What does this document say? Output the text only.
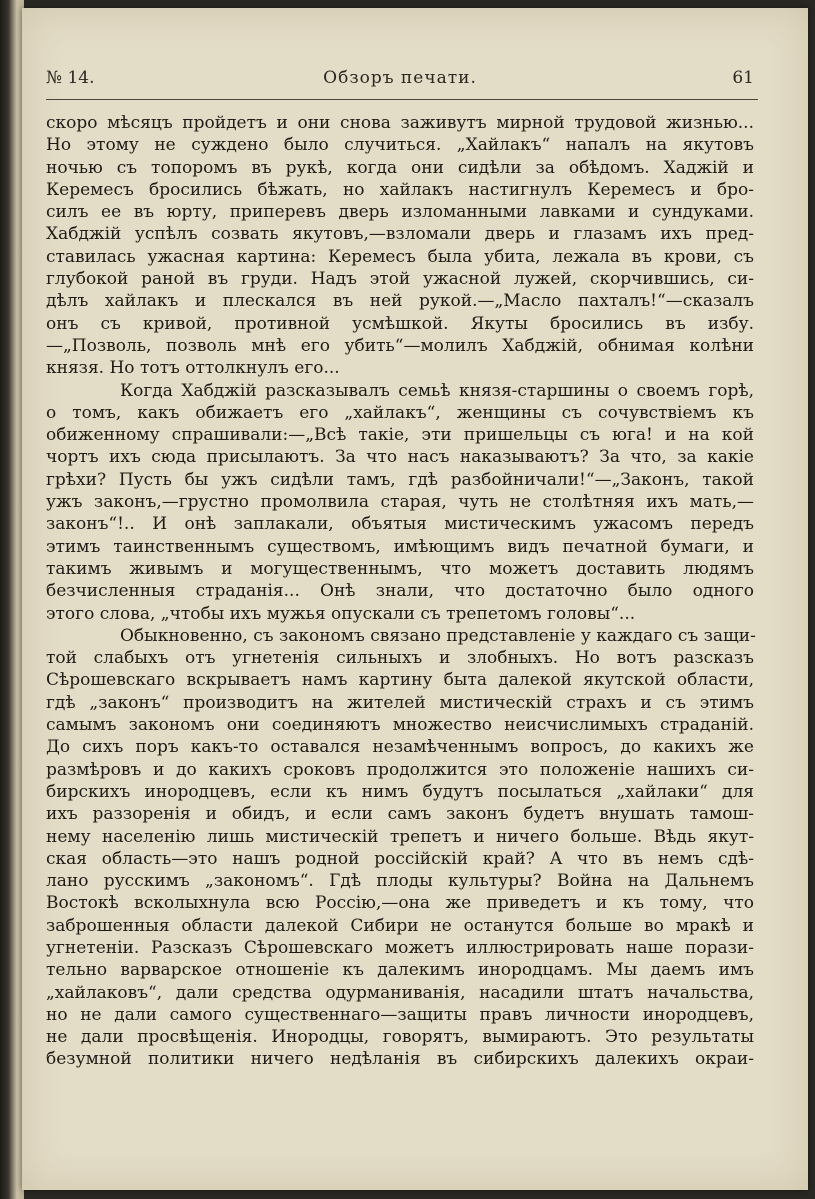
№ 14.	Обзоръ печати.	61
скоро мѣсяцъ пройдетъ и они снова заживутъ мирной трудовой жизнью...
Но этому не суждено было случиться. „Хайлакъ“ напалъ на якутовъ
ночью съ топоромъ въ рукѣ, когда они сидѣли за обѣдомъ. Хаджій и
Керемесъ бросились бѣжать, но хайлакъ настигнулъ Керемесъ и бро-
силъ ее въ юрту, приперевъ дверь изломанными лавками и сундуками.
Хабджій успѣлъ созвать якутовъ,—взломали дверь и глазамъ ихъ пред-
ставилась ужасная картина: Керемесъ была убита, лежала въ крови, съ
глубокой раной въ груди. Надъ этой ужасной лужей, скорчившись, си-
дѣлъ хайлакъ и плескался въ ней рукой.—„Масло пахталъ!“—сказалъ
онъ съ кривой, противной усмѣшкой. Якуты бросились въ избу.
—„Позволь, позволь мнѣ его убить“—молилъ Хабджій, обнимая колѣни
князя. Но тотъ оттолкнулъ его...
Когда Хабджій разсказывалъ семьѣ князя-старшины о своемъ горѣ,
о томъ, какъ обижаетъ его „хайлакъ“, женщины съ сочувствіемъ къ
обиженному спрашивали:—„Всѣ такіе, эти пришельцы съ юга! и на кой
чортъ ихъ сюда присылаютъ. За что насъ наказываютъ? За что, за какіе
грѣхи? Пусть бы ужъ сидѣли тамъ, гдѣ разбойничали!“—„Законъ, такой
ужъ законъ,—грустно промолвила старая, чуть не столѣтняя ихъ мать,—
законъ“!.. И онѣ заплакали, объятыя мистическимъ ужасомъ передъ
этимъ таинственнымъ существомъ, имѣющимъ видъ печатной бумаги, и
такимъ живымъ и могущественнымъ, что можетъ доставить людямъ
безчисленныя страданія... Онѣ знали, что достаточно было одного
этого слова, „чтобы ихъ мужья опускали съ трепетомъ головы“...
Обыкновенно, съ закономъ связано представленіе у каждаго съ защи-
той слабыхъ отъ угнетенія сильныхъ и злобныхъ. Но вотъ разсказъ
Сѣрошевскаго вскрываетъ намъ картину быта далекой якутской области,
гдѣ „законъ“ производитъ на жителей мистическій страхъ и съ этимъ
самымъ закономъ они соединяютъ множество неисчислимыхъ страданій.
До сихъ поръ какъ-то оставался незамѣченнымъ вопросъ, до какихъ же
размѣровъ и до какихъ сроковъ продолжится это положеніе нашихъ си-
бирскихъ инородцевъ, если къ нимъ будутъ посылаться „хайлаки“ для
ихъ раззоренія и обидъ, и если самъ законъ будетъ внушать тамош-
нему населенію лишь мистическій трепетъ и ничего больше. Вѣдь якут-
ская область—это нашъ родной россійскій край? А что въ немъ сдѣ-
лано русскимъ „закономъ“. Гдѣ плоды культуры? Война на Дальнемъ
Востокѣ всколыхнула всю Россію,—она же приведетъ и къ тому, что
заброшенныя области далекой Сибири не останутся больше во мракѣ и
угнетеніи. Разсказъ Сѣрошевскаго можетъ иллюстрировать наше порази-
тельно варварское отношеніе къ далекимъ инородцамъ. Мы даемъ имъ
„хайлаковъ“, дали средства одурманиванія, насадили штатъ начальства,
но не дали самого существеннаго—защиты правъ личности инородцевъ,
не дали просвѣщенія. Инородцы, говорятъ, вымираютъ. Это результаты
безумной политики ничего недѣланія въ сибирскихъ далекихъ окраи-
